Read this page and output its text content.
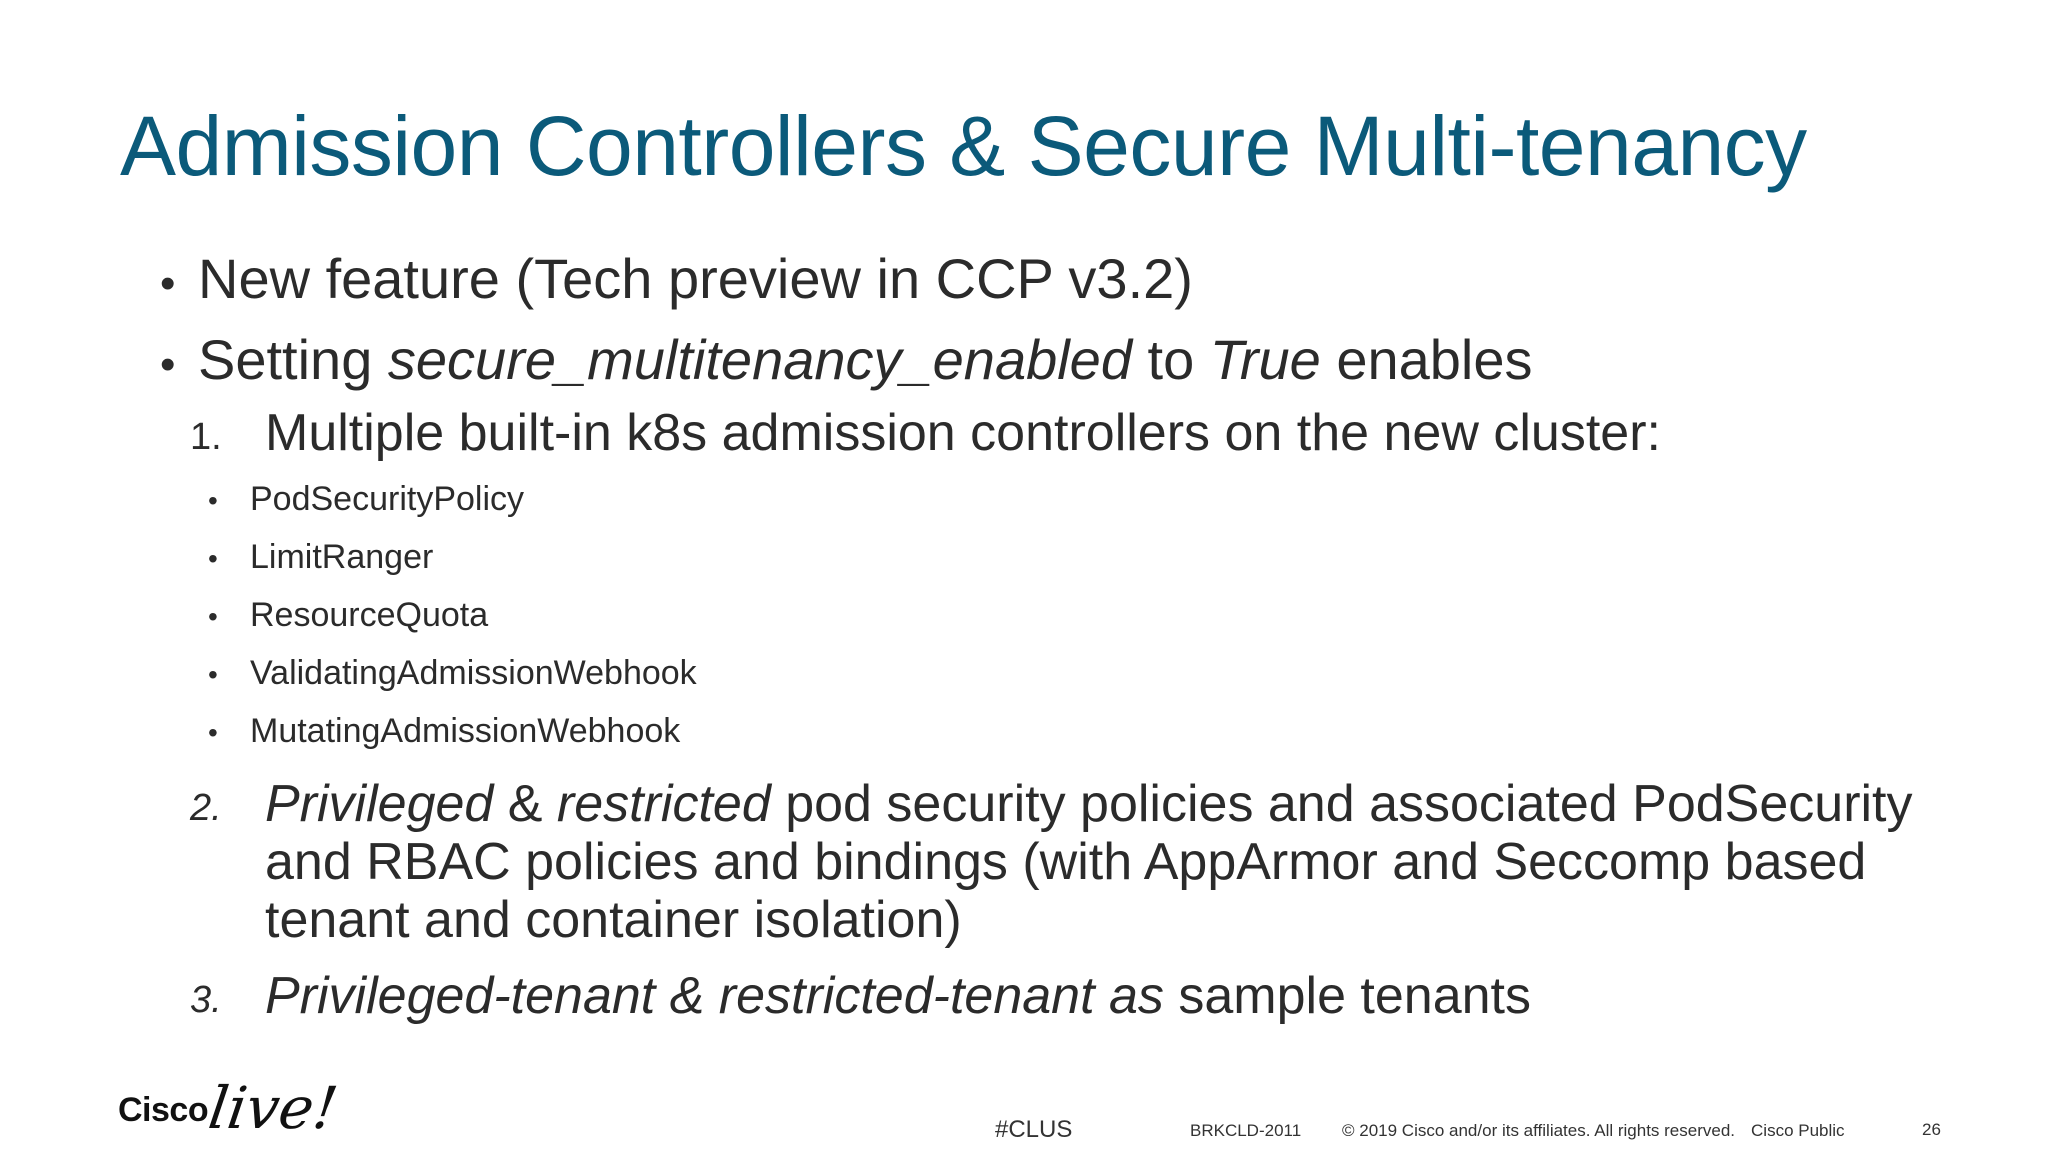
Admission Controllers & Secure Multi-tenancy
• New feature (Tech preview in CCP v3.2)
• Setting secure_multitenancy_enabled to True enables
1. Multiple built-in k8s admission controllers on the new cluster:
• PodSecurityPolicy
• LimitRanger
• ResourceQuota
• ValidatingAdmissionWebhook
• MutatingAdmissionWebhook
2. Privileged & restricted pod security policies and associated PodSecurity and RBAC policies and bindings (with AppArmor and Seccomp based tenant and container isolation)
3. Privileged-tenant & restricted-tenant as sample tenants
Cisco
live!	#CLUS	BRKCLD-2011 © 2019 Cisco and/or its affiliates. All rights reserved. Cisco Public	26
